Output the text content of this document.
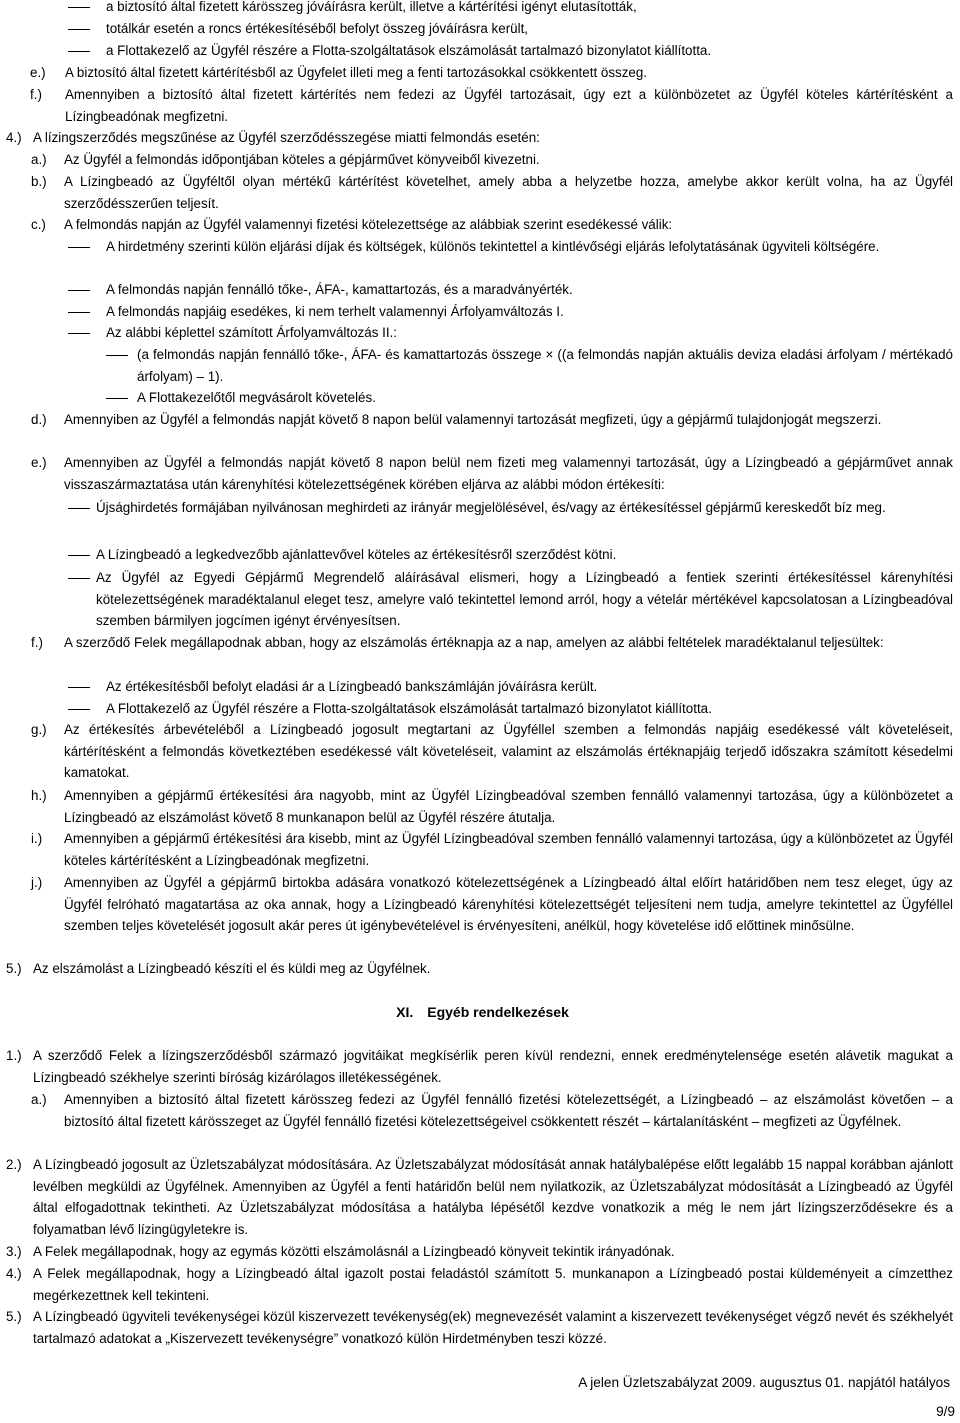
a biztosító által fizetett kárösszeg jóváírásra került, illetve a kártérítési igényt elutasították,
totálkár esetén a roncs értékesítéséből befolyt összeg jóváírásra került,
a Flottakezelő az Ügyfél részére a Flotta-szolgáltatások elszámolását tartalmazó bizonylatot kiállította.
e.)	A biztosító által fizetett kártérítésből az Ügyfelet illeti meg a fenti tartozásokkal csökkentett összeg.
f.)	Amennyiben a biztosító által fizetett kártérítés nem fedezi az Ügyfél tartozásait, úgy ezt a különbözetet az Ügyfél köteles kártérítésként a Lízingbeadónak megfizetni.
4.) A lízingszerződés megszűnése az Ügyfél szerződésszegése miatti felmondás esetén:
a.)	Az Ügyfél a felmondás időpontjában köteles a gépjárművet könyveiből kivezetni.
b.)	A Lízingbeadó az Ügyféltől olyan mértékű kártérítést követelhet, amely abba a helyzetbe hozza, amelybe akkor került volna, ha az Ügyfél szerződésszerűen teljesít.
c.)	A felmondás napján az Ügyfél valamennyi fizetési kötelezettsége az alábbiak szerint esedékessé válik:
A hirdetmény szerinti külön eljárási díjak és költségek, különös tekintettel a kintlévőségi eljárás lefolytatásának ügyviteli költségére.
A felmondás napján fennálló tőke-, ÁFA-, kamattartozás, és a maradványérték.
A felmondás napjáig esedékes, ki nem terhelt valamennyi Árfolyamváltozás I.
Az alábbi képlettel számított Árfolyamváltozás II.:
(a felmondás napján fennálló tőke-, ÁFA- és kamattartozás összege × ((a felmondás napján aktuális deviza eladási árfolyam / mértékadó árfolyam) – 1).
A Flottakezelőtől megvásárolt követelés.
d.)	Amennyiben az Ügyfél a felmondás napját követő 8 napon belül valamennyi tartozását megfizeti, úgy a gépjármű tulajdonjogát megszerzi.
e.)	Amennyiben az Ügyfél a felmondás napját követő 8 napon belül nem fizeti meg valamennyi tartozását, úgy a Lízingbeadó a gépjárművet annak visszaszármaztatása után kárenyhítési kötelezettségének körében eljárva az alábbi módon értékesíti:
Újsághirdetés formájában nyilvánosan meghirdeti az irányár megjelölésével, és/vagy az értékesítéssel gépjármű kereskedőt bíz meg.
A Lízingbeadó a legkedvezőbb ajánlattevővel köteles az értékesítésről szerződést kötni.
Az Ügyfél az Egyedi Gépjármű Megrendelő aláírásával elismeri, hogy a Lízingbeadó a fentiek szerinti értékesítéssel kárenyhítési kötelezettségének maradéktalanul eleget tesz, amelyre való tekintettel lemond arról, hogy a vételár mértékével kapcsolatosan a Lízingbeadóval szemben bármilyen jogcímen igényt érvényesítsen.
f.)	A szerződő Felek megállapodnak abban, hogy az elszámolás értéknapja az a nap, amelyen az alábbi feltételek maradéktalanul teljesültek:
Az értékesítésből befolyt eladási ár a Lízingbeadó bankszámláján jóváírásra került.
A Flottakezelő az Ügyfél részére a Flotta-szolgáltatások elszámolását tartalmazó bizonylatot kiállította.
g.)	Az értékesítés árbevételéből a Lízingbeadó jogosult megtartani az Ügyféllel szemben a felmondás napjáig esedékessé vált követeléseit, kártérítésként a felmondás következtében esedékessé vált követeléseit, valamint az elszámolás értéknapjáig terjedő időszakra számított késedelmi kamatokat.
h.)	Amennyiben a gépjármű értékesítési ára nagyobb, mint az Ügyfél Lízingbeadóval szemben fennálló valamennyi tartozása, úgy a különbözetet a Lízingbeadó az elszámolást követő 8 munkanapon belül az Ügyfél részére átutalja.
i.)	Amennyiben a gépjármű értékesítési ára kisebb, mint az Ügyfél Lízingbeadóval szemben fennálló valamennyi tartozása, úgy a különbözetet az Ügyfél köteles kártérítésként a Lízingbeadónak megfizetni.
j.)	Amennyiben az Ügyfél a gépjármű birtokba adására vonatkozó kötelezettségének a Lízingbeadó által előírt határidőben nem tesz eleget, úgy az Ügyfél felróható magatartása az oka annak, hogy a Lízingbeadó kárenyhítési kötelezettségét teljesíteni nem tudja, amelyre tekintettel az Ügyféllel szemben teljes követelését jogosult akár peres út igénybevételével is érvényesíteni, anélkül, hogy követelése idő előttinek minősülne.
5.) Az elszámolást a Lízingbeadó készíti el és küldi meg az Ügyfélnek.
XI. Egyéb rendelkezések
1.) A szerződő Felek a lízingszerződésből származó jogvitáikat megkísérlik peren kívül rendezni, ennek eredménytelensége esetén alávetik magukat a Lízingbeadó székhelye szerinti bíróság kizárólagos illetékességének.
a.)	Amennyiben a biztosító által fizetett kárösszeg fedezi az Ügyfél fennálló fizetési kötelezettségét, a Lízingbeadó – az elszámolást követően – a biztosító által fizetett kárösszeget az Ügyfél fennálló fizetési kötelezettségeivel csökkentett részét – kártalanításként – megfizeti az Ügyfélnek.
2.) A Lízingbeadó jogosult az Üzletszabályzat módosítására. Az Üzletszabályzat módosítását annak hatálybalépése előtt legalább 15 nappal korábban ajánlott levélben megküldi az Ügyfélnek. Amennyiben az Ügyfél a fenti határidőn belül nem nyilatkozik, az Üzletszabályzat módosítását a Lízingbeadó az Ügyfél által elfogadottnak tekintheti. Az Üzletszabályzat módosítása a hatályba lépésétől kezdve vonatkozik a még le nem járt lízingszerződésekre és a folyamatban lévő lízingügyletekre is.
3.) A Felek megállapodnak, hogy az egymás közötti elszámolásnál a Lízingbeadó könyveit tekintik irányadónak.
4.) A Felek megállapodnak, hogy a Lízingbeadó által igazolt postai feladástól számított 5. munkanapon a Lízingbeadó postai küldeményeit a címzetthez megérkezettnek kell tekinteni.
5.) A Lízingbeadó ügyviteli tevékenységei közül kiszervezett tevékenység(ek) megnevezését valamint a kiszervezett tevékenységet végző nevét és székhelyét tartalmazó adatokat a „Kiszervezett tevékenységre” vonatkozó külön Hirdetményben teszi közzé.
A jelen Üzletszabályzat 2009. augusztus 01. napjától hatályos
9/9
